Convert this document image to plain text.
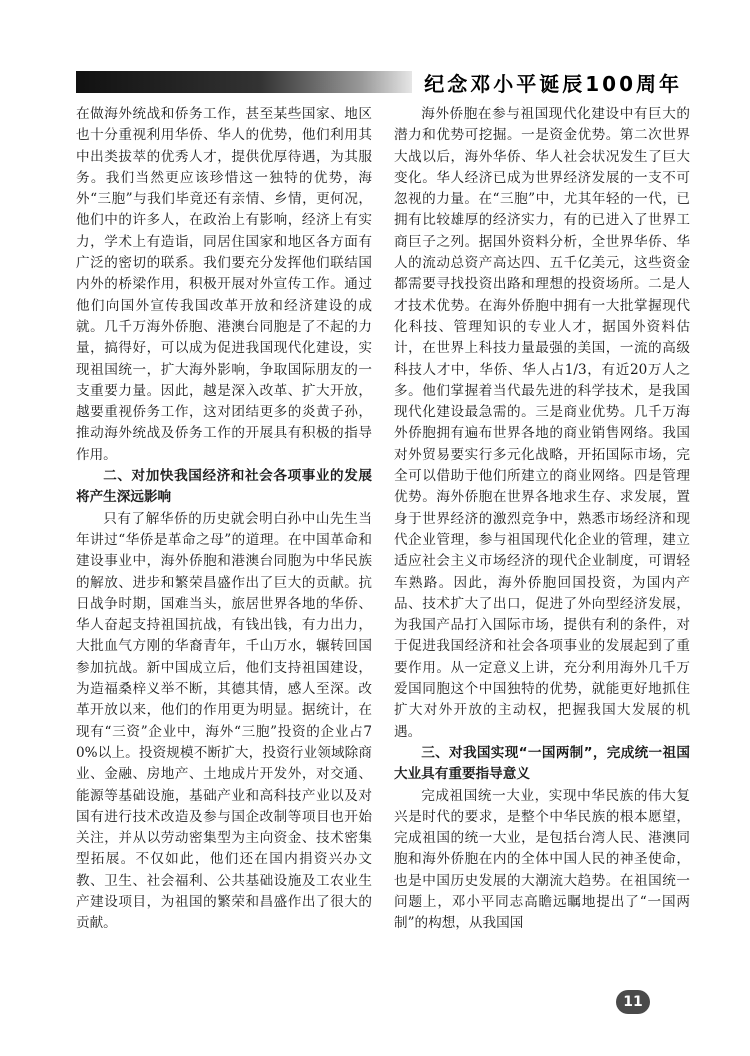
纪念邓小平诞辰100周年

在做海外统战和侨务工作，甚至某些国家、地区也十分重视利用华侨、华人的优势，他们利用其中出类拔萃的优秀人才，提供优厚待遇，为其服务。我们当然更应该珍惜这一独特的优势，海外“三胞”与我们毕竟还有亲情、乡情，更何况，他们中的许多人，在政治上有影响，经济上有实力，学术上有造诣，同居住国家和地区各方面有广泛的密切的联系。我们要充分发挥他们联结国内外的桥梁作用，积极开展对外宣传工作。通过他们向国外宣传我国改革开放和经济建设的成就。几千万海外侨胞、港澳台同胞是了不起的力量，搞得好，可以成为促进我国现代化建设，实现祖国统一，扩大海外影响，争取国际朋友的一支重要力量。因此，越是深入改革、扩大开放，越要重视侨务工作，这对团结更多的炎黄子孙，推动海外统战及侨务工作的开展具有积极的指导作用。

二、对加快我国经济和社会各项事业的发展将产生深远影响

只有了解华侨的历史就会明白孙中山先生当年讲过“华侨是革命之母”的道理。在中国革命和建设事业中，海外侨胞和港澳台同胞为中华民族的解放、进步和繁荣昌盛作出了巨大的贡献。抗日战争时期，国难当头，旅居世界各地的华侨、华人奋起支持祖国抗战，有钱出钱，有力出力，大批血气方刚的华裔青年，千山万水，辗转回国参加抗战。新中国成立后，他们支持祖国建设，为造福桑梓义举不断，其德其情，感人至深。改革开放以来，他们的作用更为明显。据统计，在现有“三资”企业中，海外“三胞”投资的企业占70%以上。投资规模不断扩大，投资行业领域除商业、金融、房地产、土地成片开发外，对交通、能源等基础设施，基础产业和高科技产业以及对国有进行技术改造及参与国企改制等项目也开始关注，并从以劳动密集型为主向资金、技术密集型拓展。不仅如此，他们还在国内捐资兴办文教、卫生、社会福利、公共基础设施及工农业生产建设项目，为祖国的繁荣和昌盛作出了很大的贡献。

海外侨胞在参与祖国现代化建设中有巨大的潜力和优势可挖掘。一是资金优势。第二次世界大战以后，海外华侨、华人社会状况发生了巨大变化。华人经济已成为世界经济发展的一支不可忽视的力量。在“三胞”中，尤其年轻的一代，已拥有比较雄厚的经济实力，有的已进入了世界工商巨子之列。据国外资料分析，全世界华侨、华人的流动总资产高达四、五千亿美元，这些资金都需要寻找投资出路和理想的投资场所。二是人才技术优势。在海外侨胞中拥有一大批掌握现代化科技、管理知识的专业人才，据国外资料估计，在世界上科技力量最强的美国，一流的高级科技人才中，华侨、华人占1/3，有近20万人之多。他们掌握着当代最先进的科学技术，是我国现代化建设最急需的。三是商业优势。几千万海外侨胞拥有遍布世界各地的商业销售网络。我国对外贸易要实行多元化战略，开拓国际市场，完全可以借助于他们所建立的商业网络。四是管理优势。海外侨胞在世界各地求生存、求发展，置身于世界经济的激烈竞争中，熟悉市场经济和现代企业管理，参与祖国现代化企业的管理，建立适应社会主义市场经济的现代企业制度，可谓轻车熟路。因此，海外侨胞回国投资，为国内产品、技术扩大了出口，促进了外向型经济发展，为我国产品打入国际市场，提供有利的条件，对于促进我国经济和社会各项事业的发展起到了重要作用。从一定意义上讲，充分利用海外几千万爱国同胞这个中国独特的优势，就能更好地抓住扩大对外开放的主动权，把握我国大发展的机遇。

三、对我国实现“一国两制”，完成统一祖国大业具有重要指导意义

完成祖国统一大业，实现中华民族的伟大复兴是时代的要求，是整个中华民族的根本愿望，完成祖国的统一大业，是包括台湾人民、港澳同胞和海外侨胞在内的全体中国人民的神圣使命，也是中国历史发展的大潮流大趋势。在祖国统一问题上，邓小平同志高瞻远瞩地提出了“一国两制”的构想，从我国国

11
